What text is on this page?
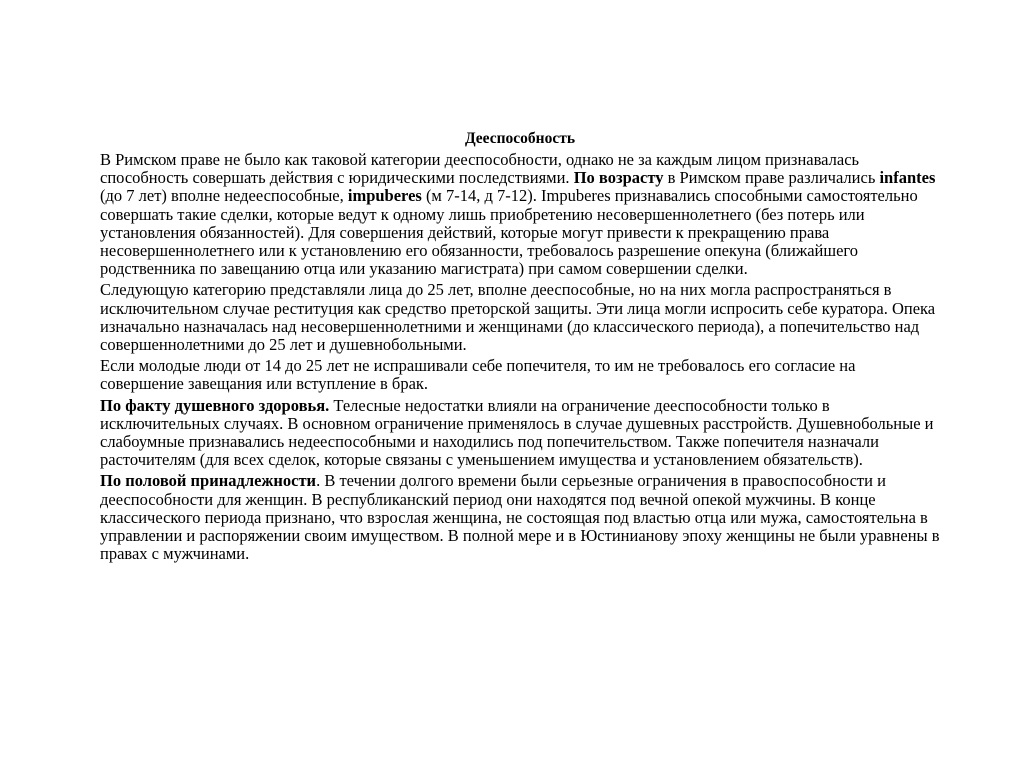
Дееспособность
В Римском праве не было как таковой категории дееспособности, однако не за каждым лицом признавалась способность совершать действия с юридическими последствиями. По возрасту в Римском праве различались infantes (до 7 лет) вполне недееспособные, impuberes (м 7-14, д 7-12). Impuberes признавались способными самостоятельно совершать такие сделки, которые ведут к одному лишь приобретению несовершеннолетнего (без потерь или установления обязанностей). Для совершения действий, которые могут привести к прекращению права несовершеннолетнего или к установлению его обязанности, требовалось разрешение опекуна (ближайшего родственника по завещанию отца или указанию магистрата) при самом совершении сделки.
Следующую категорию представляли лица до 25 лет, вполне дееспособные, но на них могла распространяться в исключительном случае реституция как средство преторской защиты. Эти лица могли испросить себе куратора. Опека изначально назначалась над несовершеннолетними и женщинами (до классического периода), а попечительство над совершеннолетними до 25 лет и душевнобольными.
Если молодые люди от 14 до 25 лет не испрашивали себе попечителя, то им не требовалось его согласие на совершение завещания или вступление в брак.
По факту душевного здоровья. Телесные недостатки влияли на ограничение дееспособности только в исключительных случаях. В основном ограничение применялось в случае душевных расстройств. Душевнобольные и слабоумные признавались недееспособными и находились под попечительством. Также попечителя назначали расточителям (для всех сделок, которые связаны с уменьшением имущества и установлением обязательств).
По половой принадлежности. В течении долгого времени были серьезные ограничения в правоспособности и дееспособности для женщин. В республиканский период они находятся под вечной опекой мужчины. В конце классического периода признано, что взрослая женщина, не состоящая под властью отца или мужа, самостоятельна в управлении и распоряжении своим имуществом. В полной мере и в Юстинианову эпоху женщины не были уравнены в правах с мужчинами.
